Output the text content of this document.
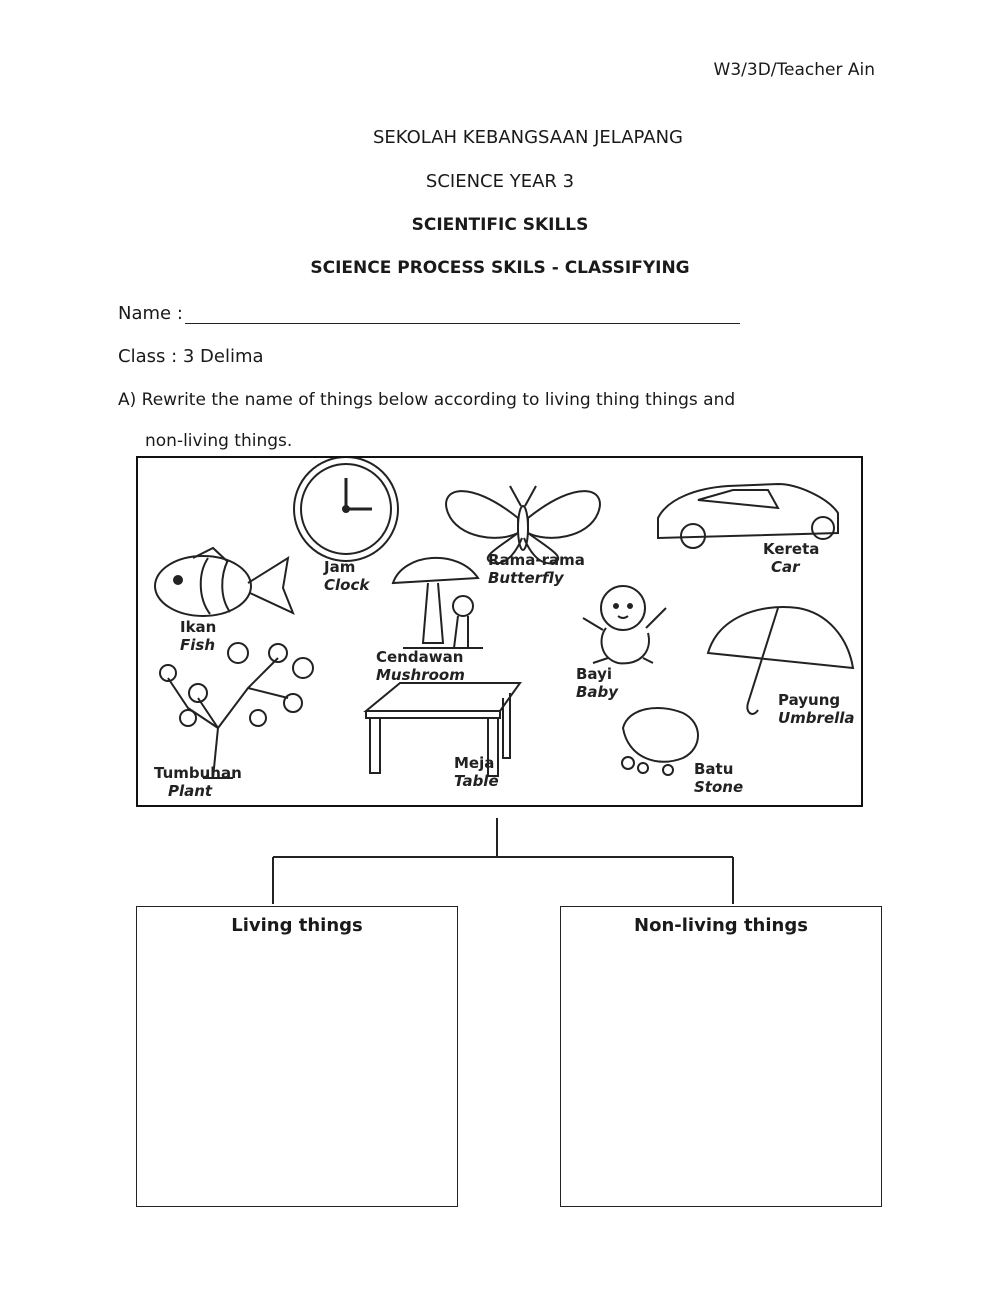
W3/3D/Teacher Ain
SEKOLAH KEBANGSAAN JELAPANG
SCIENCE YEAR 3
SCIENTIFIC SKILLS
SCIENCE PROCESS SKILS - CLASSIFYING
Name :
Class : 3 Delima
A) Rewrite the name of things below according to living thing things and
non-living things.
Jam
Clock
Rama-rama
Butterfly
Kereta
Car
Ikan
Fish
Cendawan
Mushroom	Bayi
Baby	Payung
Umbrella
Tumbuhan
Plant
Meja
Table
Batu
Stone
Living things	Non-living things
